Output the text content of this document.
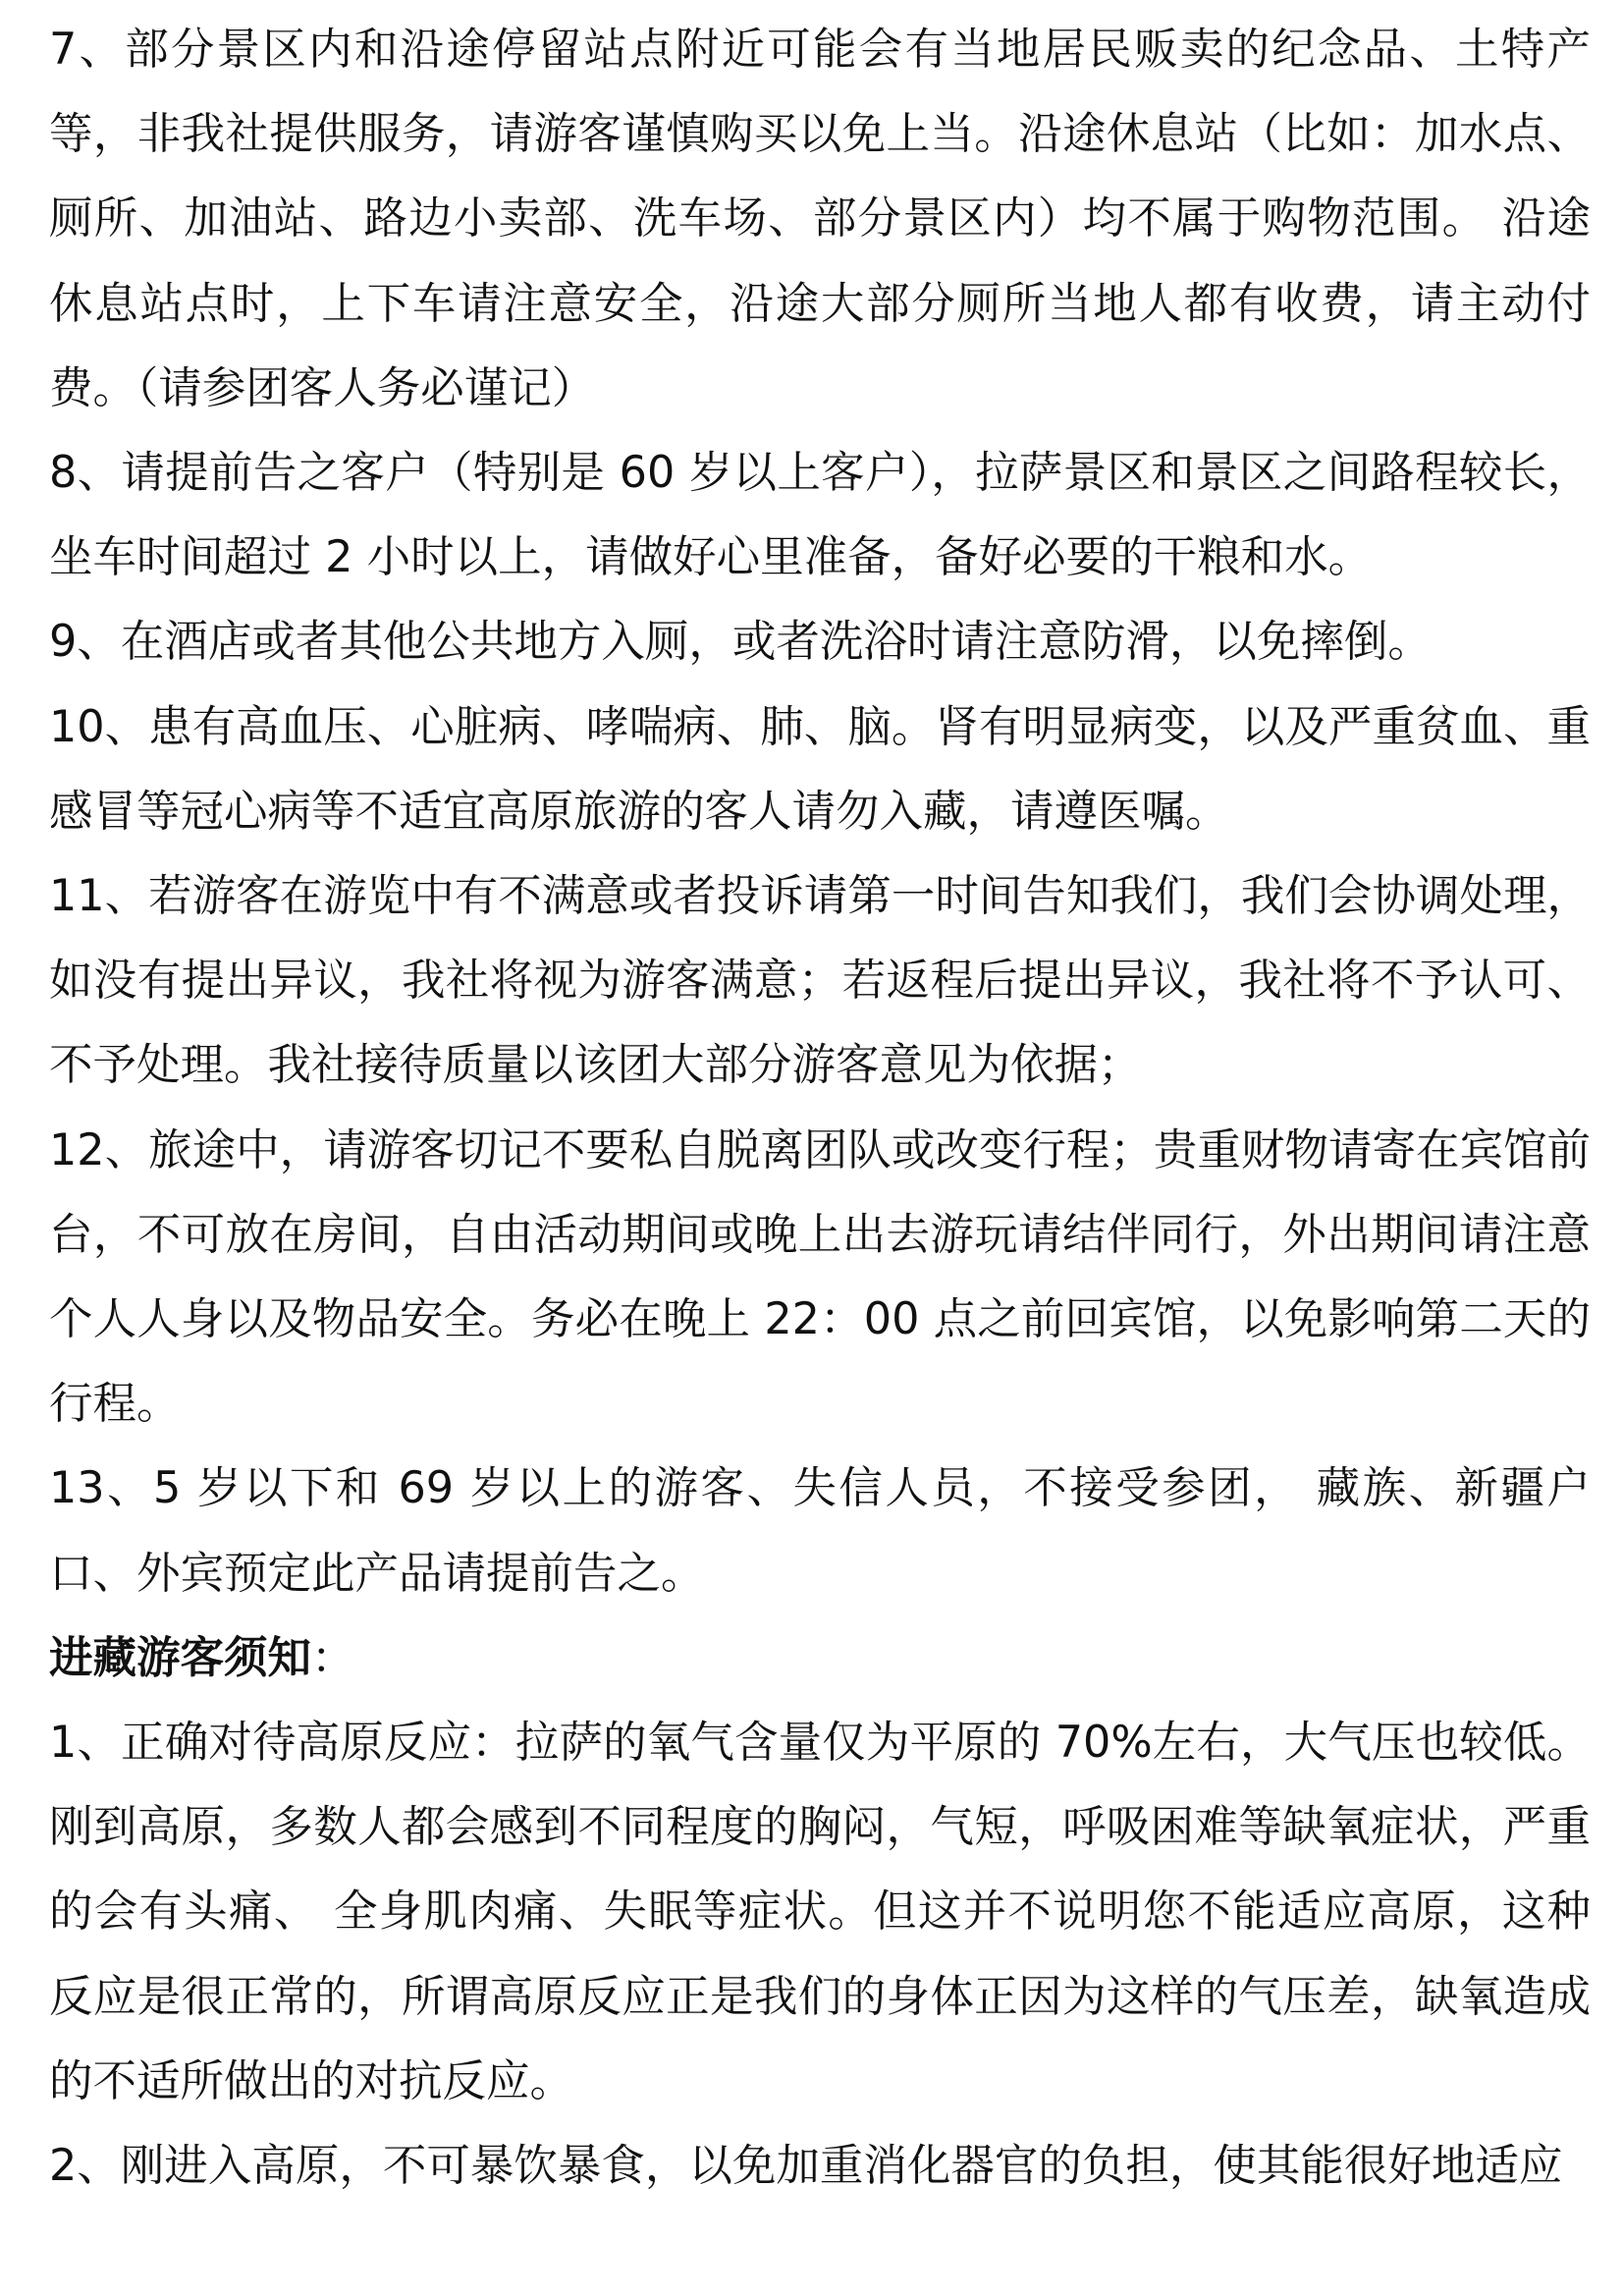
7、部分景区内和沿途停留站点附近可能会有当地居民贩卖的纪念品、土特产等，非我社提供服务，请游客谨慎购买以免上当。沿途休息站（比如：加水点、厕所、加油站、路边小卖部、洗车场、部分景区内）均不属于购物范围。 沿途休息站点时，上下车请注意安全，沿途大部分厕所当地人都有收费，请主动付费。（请参团客人务必谨记）

8、请提前告之客户（特别是 60 岁以上客户），拉萨景区和景区之间路程较长，坐车时间超过 2 小时以上，请做好心里准备，备好必要的干粮和水。

9、在酒店或者其他公共地方入厕，或者洗浴时请注意防滑，以免摔倒。

10、患有高血压、心脏病、哮喘病、肺、脑。肾有明显病变，以及严重贫血、重感冒等冠心病等不适宜高原旅游的客人请勿入藏，请遵医嘱。

11、若游客在游览中有不满意或者投诉请第一时间告知我们，我们会协调处理，如没有提出异议，我社将视为游客满意；若返程后提出异议，我社将不予认可、不予处理。我社接待质量以该团大部分游客意见为依据；

12、旅途中，请游客切记不要私自脱离团队或改变行程；贵重财物请寄在宾馆前台，不可放在房间，自由活动期间或晚上出去游玩请结伴同行，外出期间请注意个人人身以及物品安全。务必在晚上 22：00 点之前回宾馆，以免影响第二天的行程。

13、5 岁以下和 69 岁以上的游客、失信人员，不接受参团， 藏族、新疆户口、外宾预定此产品请提前告之。

进藏游客须知：

1、正确对待高原反应：拉萨的氧气含量仅为平原的 70%左右，大气压也较低。刚到高原，多数人都会感到不同程度的胸闷，气短，呼吸困难等缺氧症状，严重的会有头痛、 全身肌肉痛、失眠等症状。但这并不说明您不能适应高原，这种反应是很正常的，所谓高原反应正是我们的身体正因为这样的气压差，缺氧造成的不适所做出的对抗反应。

2、刚进入高原，不可暴饮暴食，以免加重消化器官的负担，使其能很好地适应
